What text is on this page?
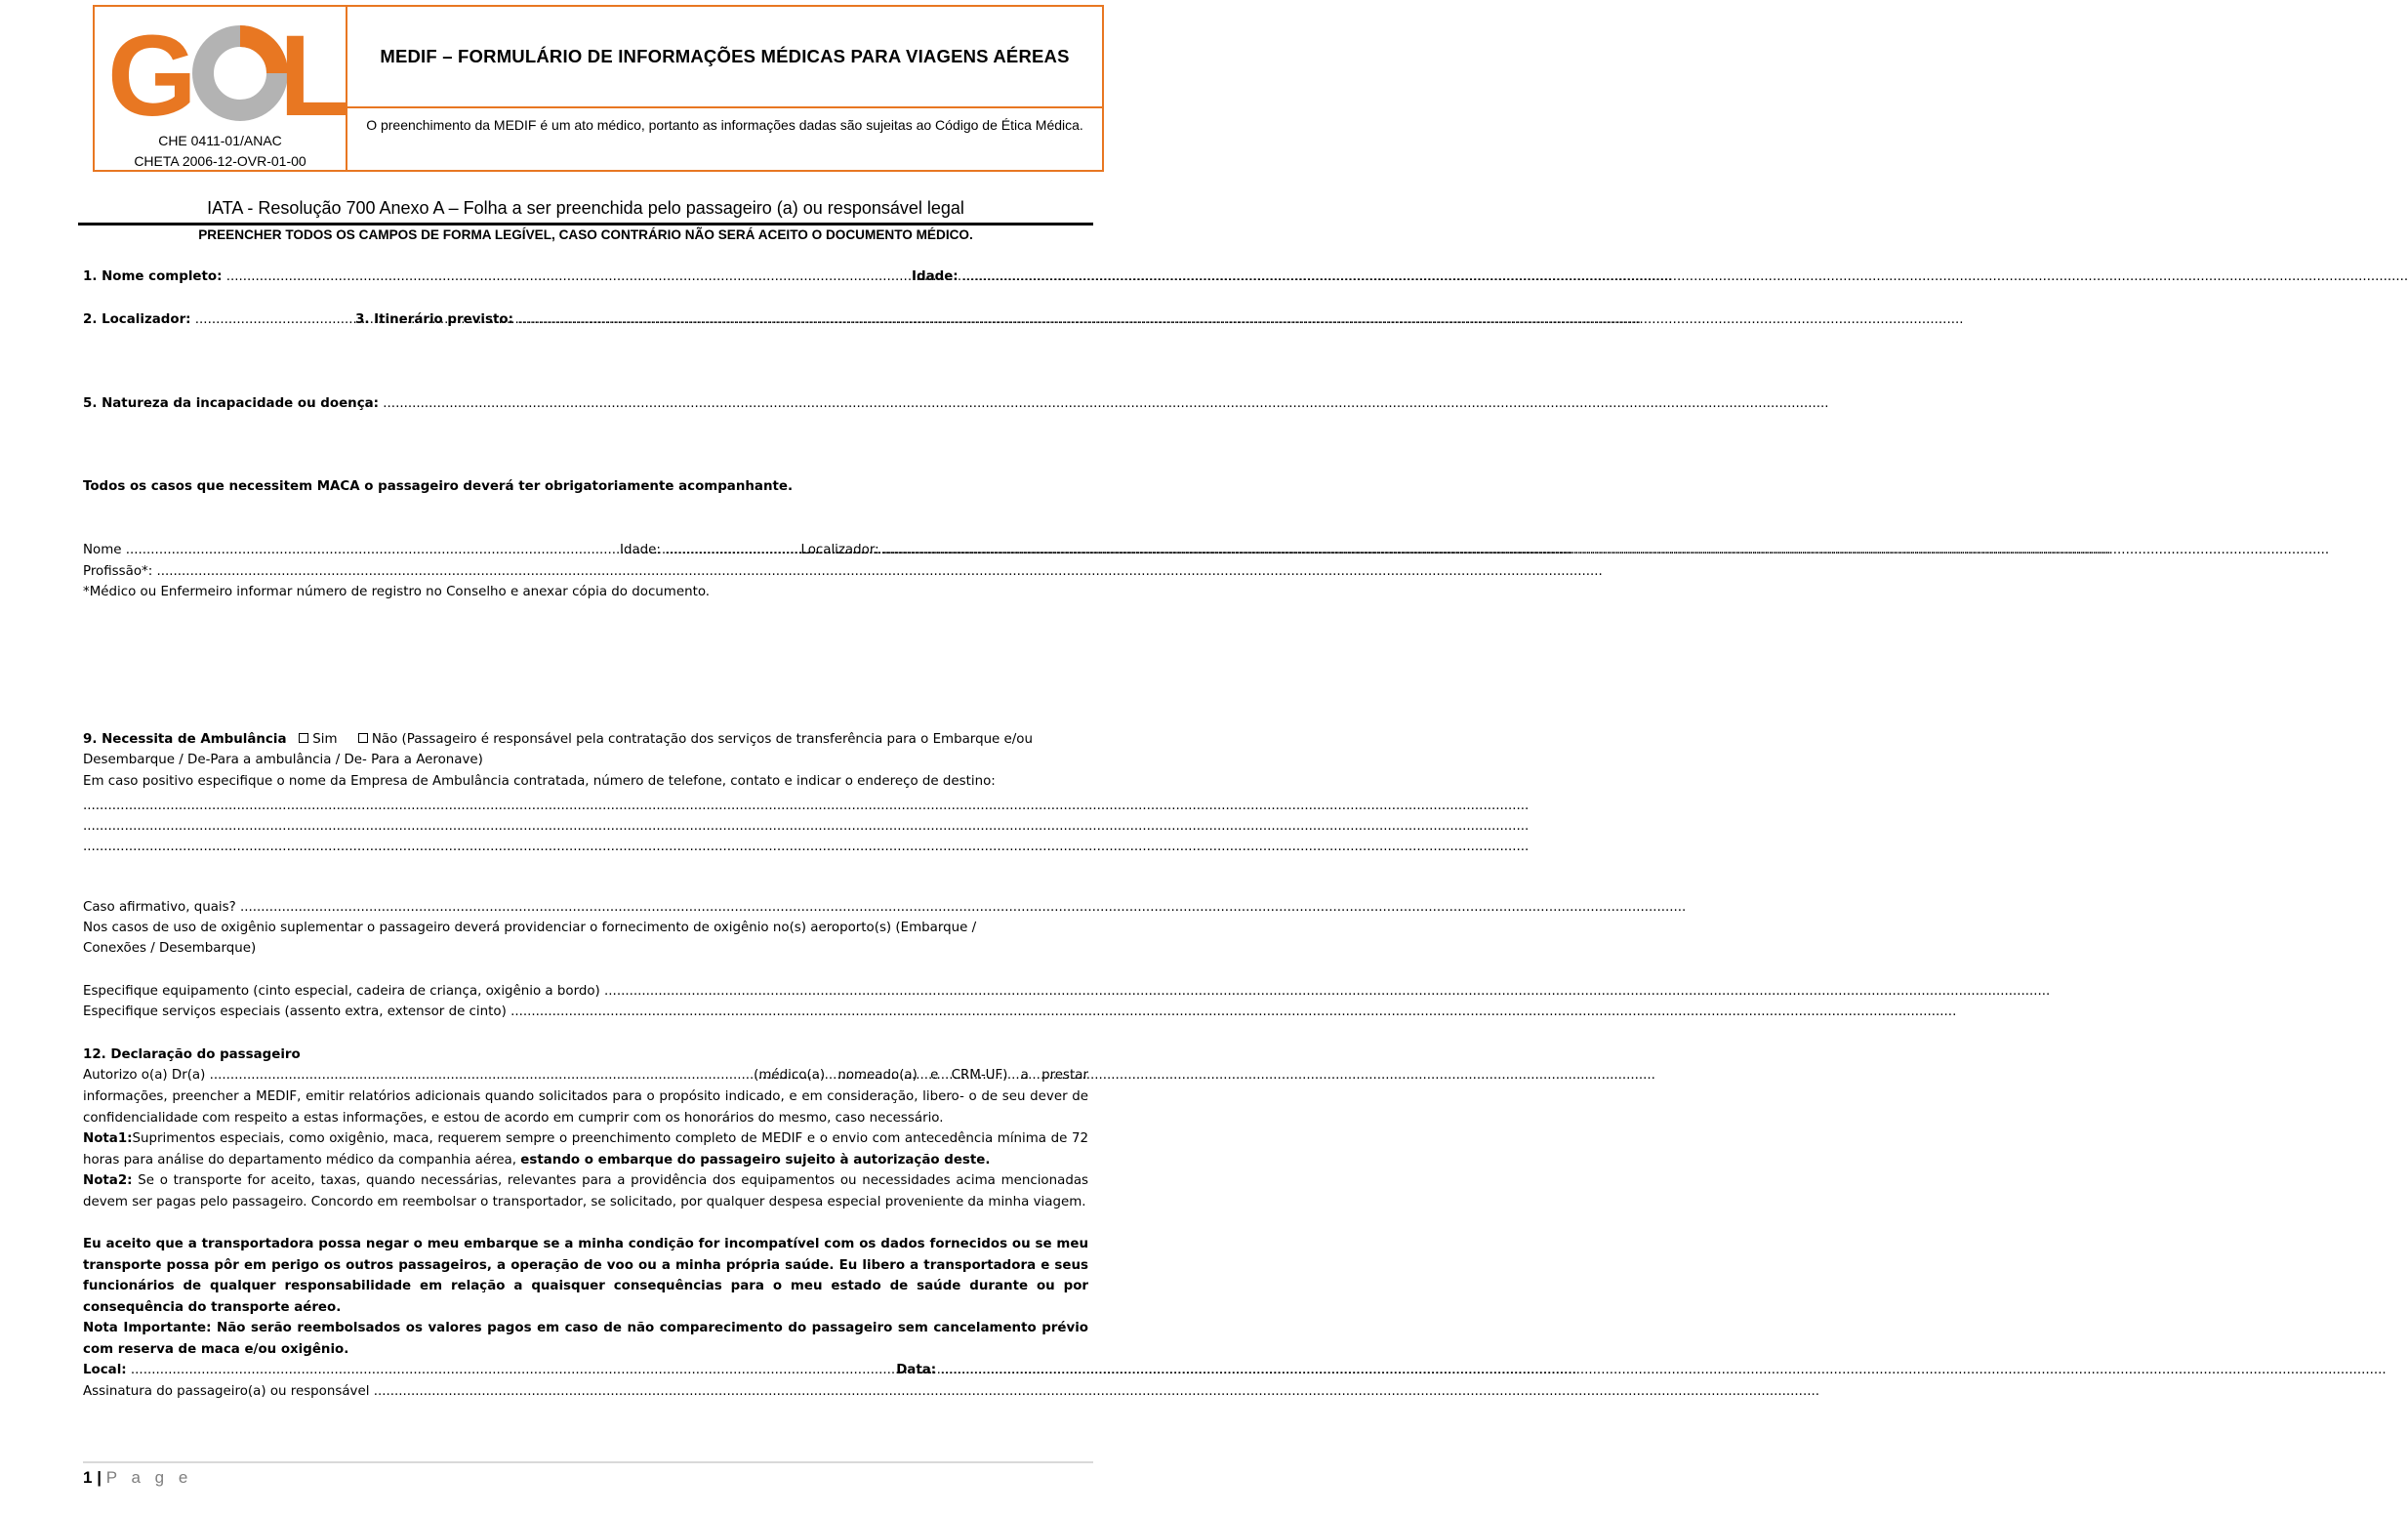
G L
CHE 0411-01/ANAC
CHETA 2006-12-OVR-01-00
MEDIF – FORMULÁRIO DE INFORMAÇÕES MÉDICAS PARA VIAGENS AÉREAS
O preenchimento da MEDIF é um ato médico, portanto as informações dadas são sujeitas ao Código de Ética Médica.
IATA - Resolução 700 Anexo A – Folha a ser preenchida pelo passageiro (a) ou responsável legal
PREENCHER TODOS OS CAMPOS DE FORMA LEGÍVEL, CASO CONTRÁRIO NÃO SERÁ ACEITO O DOCUMENTO MÉDICO.
1. Nome completo: .....	Idade: .....
2. Localizador: .....	3. Itinerário previsto: .....
5. Natureza da incapacidade ou doença: .....
Todos os casos que necessitem MACA o passageiro deverá ter obrigatoriamente acompanhante.
Nome .....	Idade: .....	Localizador: .....
Profissão*: .....
*Médico ou Enfermeiro informar número de registro no Conselho e anexar cópia do documento.
9. Necessita de Ambulância Sim	Não (Passageiro é responsável pela contratação dos serviços de transferência para o Embarque e/ou
Desembarque / De-Para a ambulância / De- Para a Aeronave)
Em caso positivo especifique o nome da Empresa de Ambulância contratada, número de telefone, contato e indicar o endereço de destino:
.....
.....
.....
Caso afirmativo, quais? .....
Nos casos de uso de oxigênio suplementar o passageiro deverá providenciar o fornecimento de oxigênio no(s) aeroporto(s) (Embarque /
Conexões / Desembarque)
Especifique equipamento (cinto especial, cadeira de criança, oxigênio a bordo) .....
Especifique serviços especiais (assento extra, extensor de cinto) .....
12. Declaração do passageiro
Autorizo o(a) Dr(a) .....	(médico(a) nomeado(a) e CRM-UF) a prestar
informações, preencher a MEDIF, emitir relatórios adicionais quando solicitados para o propósito indicado, e em consideração, libero- o de seu dever de confidencialidade com respeito a estas informações, e estou de acordo em cumprir com os honorários do mesmo, caso necessário.
Nota1:Suprimentos especiais, como oxigênio, maca, requerem sempre o preenchimento completo de MEDIF e o envio com antecedência mínima de 72 horas para análise do departamento médico da companhia aérea, estando o embarque do passageiro sujeito à autorização deste.
Nota2: Se o transporte for aceito, taxas, quando necessárias, relevantes para a providência dos equipamentos ou necessidades acima mencionadas devem ser pagas pelo passageiro. Concordo em reembolsar o transportador, se solicitado, por qualquer despesa especial proveniente da minha viagem.
Eu aceito que a transportadora possa negar o meu embarque se a minha condição for incompatível com os dados fornecidos ou se meu transporte possa pôr em perigo os outros passageiros, a operação de voo ou a minha própria saúde. Eu libero a transportadora e seus funcionários de qualquer responsabilidade em relação a quaisquer consequências para o meu estado de saúde durante ou por consequência do transporte aéreo.
Nota Importante: Não serão reembolsados os valores pagos em caso de não comparecimento do passageiro sem cancelamento prévio com reserva de maca e/ou oxigênio.
Local: .....	Data: .....
Assinatura do passageiro(a) ou responsável .....
1 | P a g e
